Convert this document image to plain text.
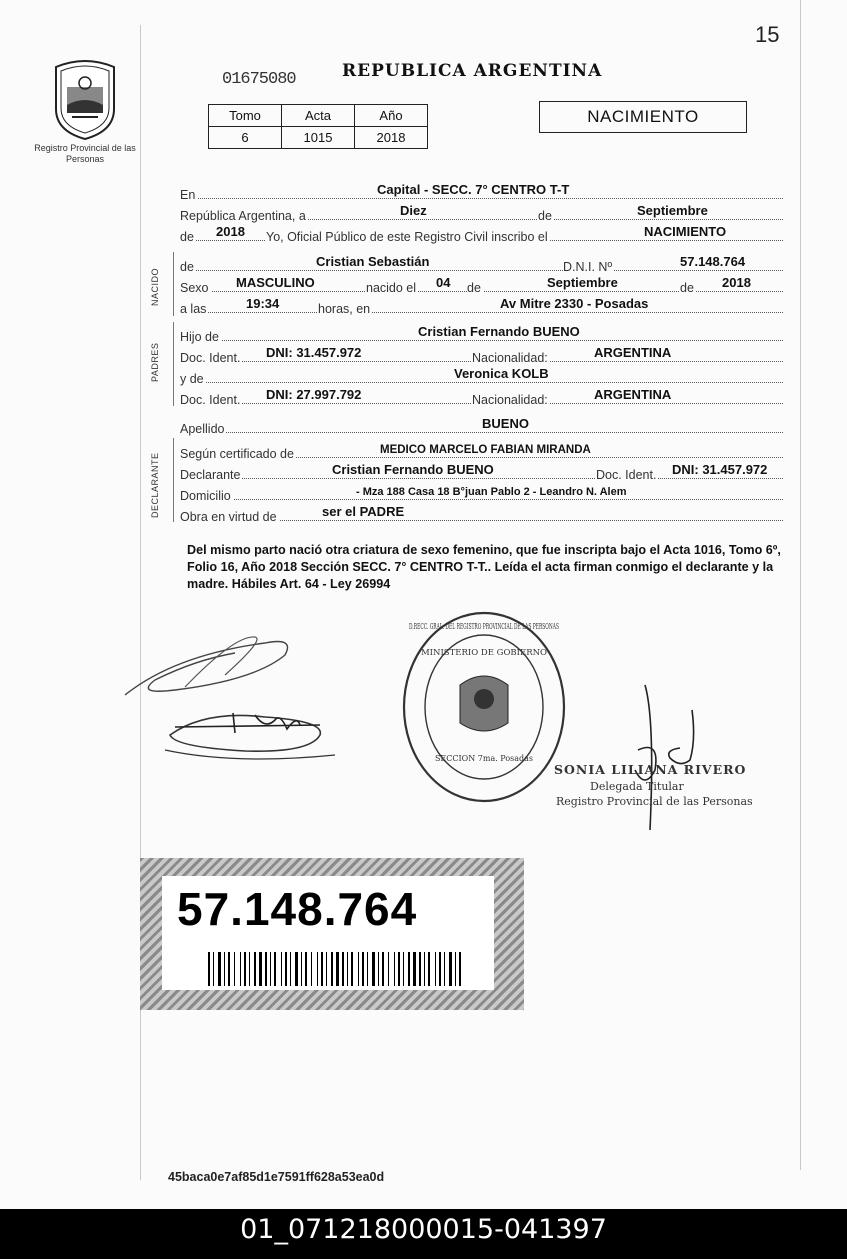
15
01675080	REPUBLICA ARGENTINA
Registro Provincial de las Personas
Tomo	Acta	Año
6	1015	2018
NACIMIENTO
En	Capital - SECC. 7° CENTRO T-T
República Argentina, a	Diez	de	Septiembre
de 2018 Yo, Oficial Público de este Registro Civil inscribo el	NACIMIENTO
NACIDO
de	Cristian Sebastián	D.N.I. Nº	57.148.764
Sexo MASCULINO	nacido el 04 de	Septiembre	de 2018
a las	19:34	horas, en	Av Mitre 2330 - Posadas
PADRES
Hijo de	Cristian Fernando BUENO
Doc. Ident. DNI: 31.457.972	Nacionalidad:	ARGENTINA
y de	Veronica KOLB
Doc. Ident. DNI: 27.997.792	Nacionalidad:	ARGENTINA
Apellido	BUENO
DECLARANTE Según certificado de	MEDICO MARCELO FABIAN MIRANDA
Declarante	Cristian Fernando BUENO	Doc. Ident. DNI: 31.457.972
Domicilio	- Mza 188 Casa 18 B°juan Pablo 2 - Leandro N. Alem
Obra en virtud de	ser el PADRE
Del mismo parto nació otra criatura de sexo femenino, que fue inscripta bajo el Acta 1016, Tomo 6º, Folio 16, Año 2018 Sección SECC. 7° CENTRO T-T.. Leída el acta firman conmigo el declarante y la madre. Hábiles Art. 64 - Ley 26994
MINISTERIO DE GOBIERNO
SECCION 7ma. Posadas
D.RECC. GRAL. DEL REGISTRO PROVINCIAL DE LAS PERSONAS
SONIA LILIANA RIVERO
Delegada Titular
Registro Provincial de las Personas
57.148.764
45baca0e7af85d1e7591ff628a53ea0d
01_071218000015-041397
